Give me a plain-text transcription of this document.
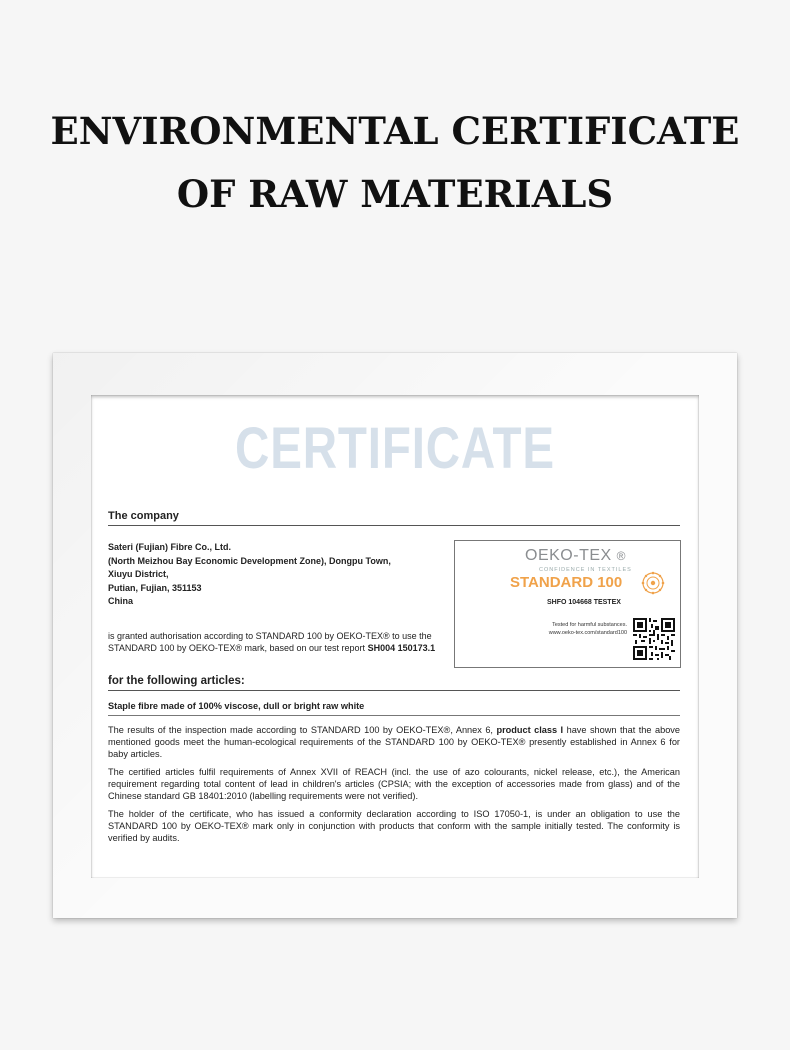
ENVIRONMENTAL CERTIFICATE
OF RAW MATERIALS
CERTIFICATE
The company
Sateri (Fujian) Fibre Co., Ltd.
(North Meizhou Bay Economic Development Zone), Dongpu Town,
Xiuyu District,
Putian, Fujian, 351153
China
is granted authorisation according to STANDARD 100 by OEKO-TEX® to use the STANDARD 100 by OEKO-TEX® mark, based on our test report SH004 150173.1
OEKO-TEX ®
CONFIDENCE IN TEXTILES
STANDARD 100
SHFO 104668 TESTEX
Tested for harmful substances.
www.oeko-tex.com/standard100
for the following articles:
Staple fibre made of 100% viscose, dull or bright raw white

The results of the inspection made according to STANDARD 100 by OEKO-TEX®, Annex 6, product class I have shown that the above mentioned goods meet the human-ecological requirements of the STANDARD 100 by OEKO-TEX® presently established in Annex 6 for baby articles.

The certified articles fulfil requirements of Annex XVII of REACH (incl. the use of azo colourants, nickel release, etc.), the American requirement regarding total content of lead in children's articles (CPSIA; with the exception of accessories made from glass) and of the Chinese standard GB 18401:2010 (labelling requirements were not verified).

The holder of the certificate, who has issued a conformity declaration according to ISO 17050-1, is under an obligation to use the STANDARD 100 by OEKO-TEX® mark only in conjunction with products that conform with the sample initially tested. The conformity is verified by audits.
